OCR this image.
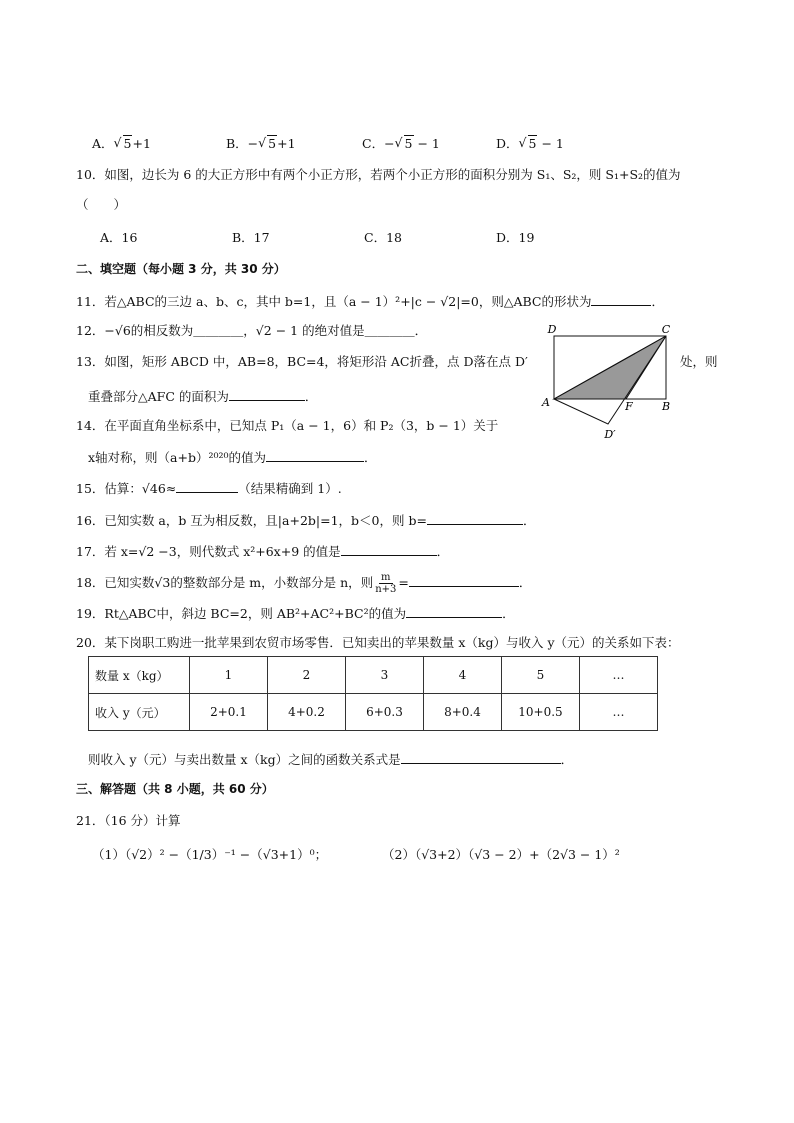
A． √ 5+1	B．− √ 5+1	C．− √ 5 − 1	D． √ 5 − 1
10．如图，边长为 6 的大正方形中有两个小正方形，若两个小正方形的面积分别为 S₁、S₂，则 S₁+S₂的值为
（　　）
A．16	B．17	C．18	D．19
二、填空题（每小题 3 分，共 30 分）
11．若△ABC的三边 a、b、c，其中 b=1，且（a − 1）²+|c − √2|=0，则△ABC的形状为	．
12．−√6的相反数为＿＿＿＿，√2 − 1 的绝对值是＿＿＿＿．
13．如图，矩形 ABCD 中，AB=8，BC=4，将矩形沿 AC折叠，点 D落在点 D′	处，则
重叠部分△AFC 的面积为	．
14．在平面直角坐标系中，已知点 P₁（a − 1，6）和 P₂（3，b − 1）关于
x轴对称，则（a+b）²⁰²⁰的值为	．
15．估算：√46≈	（结果精确到 1）.
16．已知实数 a，b 互为相反数，且|a+2b|=1，b＜0，则 b=	．
17．若 x=√2 −3，则代数式 x²+6x+9 的值是	．
18．已知实数√3的整数部分是 m，小数部分是 n，则 $\frac{m}{n+3}$ =	．
19．Rt△ABC中，斜边 BC=2，则 AB²+AC²+BC²的值为	．
20．某下岗职工购进一批苹果到农贸市场零售．已知卖出的苹果数量 x（kg）与收入 y（元）的关系如下表：
数量 x（kg）	1	2	3	4	5	…
收入 y（元）	2+0.1	4+0.2	6+0.3	8+0.4	10+0.5	…
则收入 y（元）与卖出数量 x（kg）之间的函数关系式是	．
三、解答题（共 8 小题，共 60 分）
21．（16 分）计算
（1）（√2）² −（1/3）⁻¹ −（√3+1）⁰；	（2）（√3+2）（√3 − 2）+（2√3 − 1）²
D	C
A	F	B
D′
